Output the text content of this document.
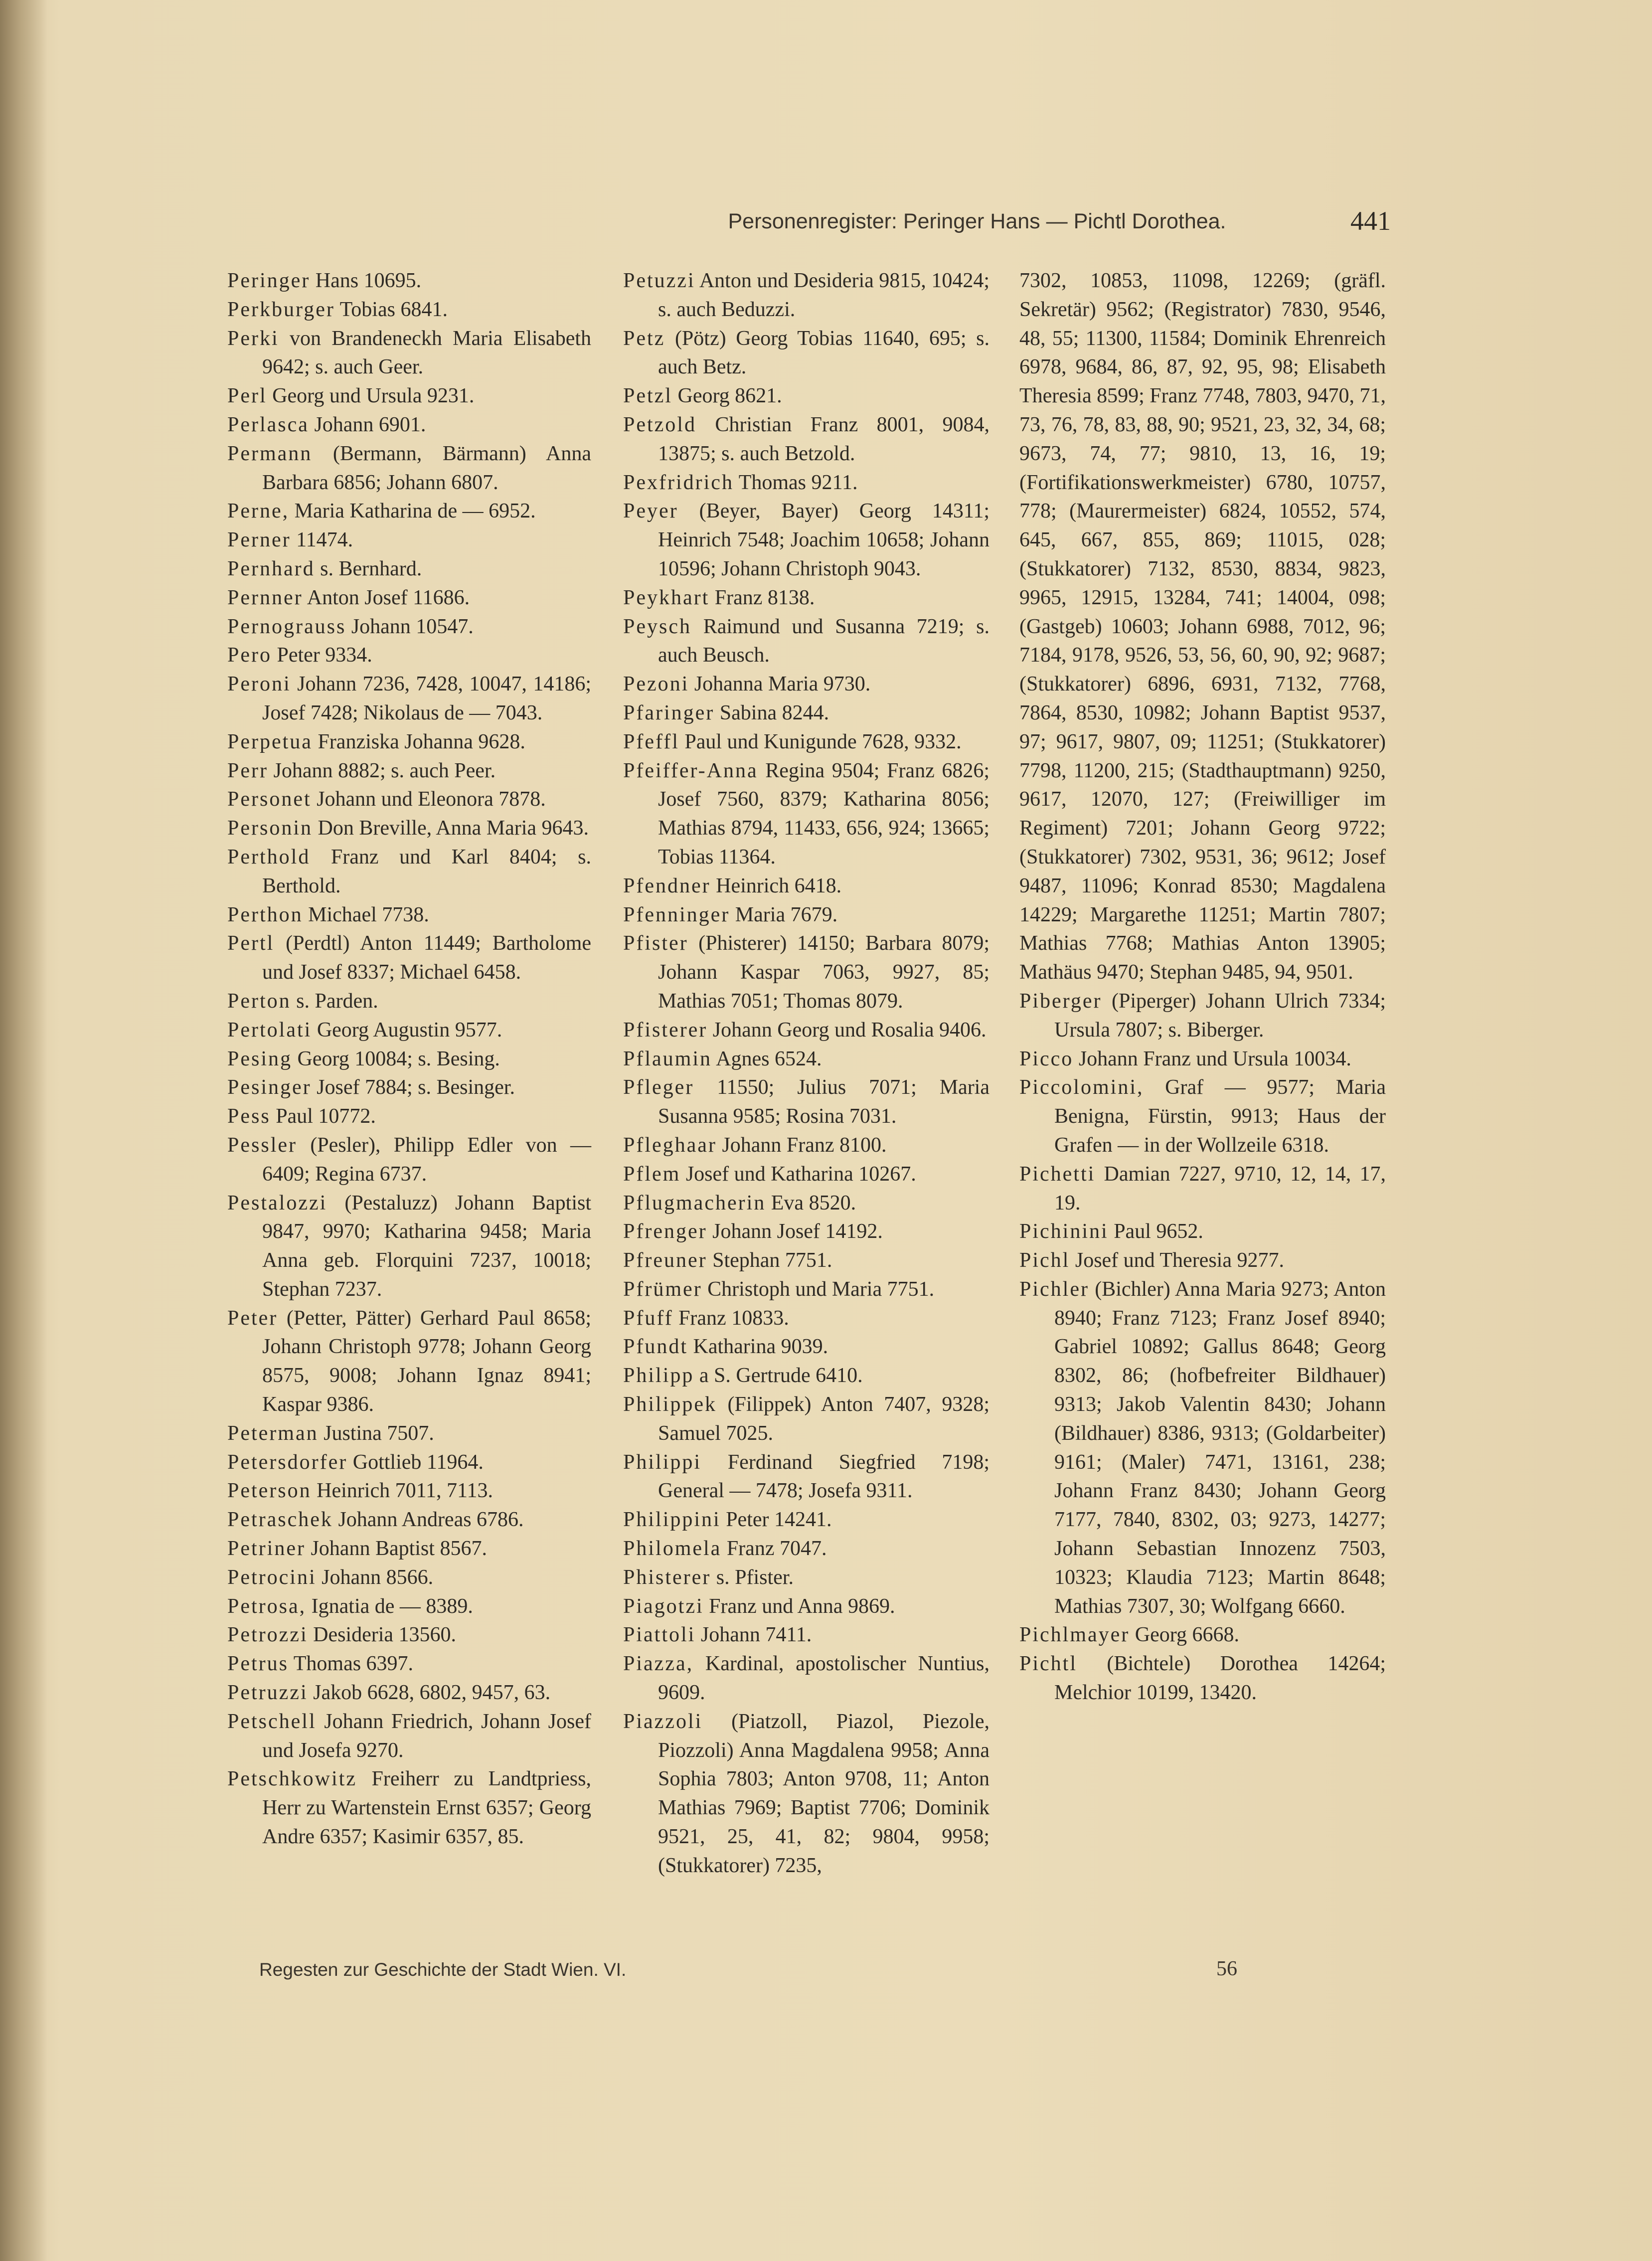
Personenregister: Peringer Hans — Pichtl Dorothea.	441
Peringer Hans 10695.
Perkburger Tobias 6841.
Perki von Brandeneckh Maria Elisabeth 9642; s. auch Geer.
Perl Georg und Ursula 9231.
Perlasca Johann 6901.
Permann (Bermann, Bärmann) Anna Barbara 6856; Johann 6807.
Perne, Maria Katharina de — 6952.
Perner 11474.
Pernhard s. Bernhard.
Pernner Anton Josef 11686.
Pernograuss Johann 10547.
Pero Peter 9334.
Peroni Johann 7236, 7428, 10047, 14186; Josef 7428; Nikolaus de — 7043.
Perpetua Franziska Johanna 9628.
Perr Johann 8882; s. auch Peer.
Personet Johann und Eleonora 7878.
Personin Don Breville, Anna Maria 9643.
Perthold Franz und Karl 8404; s. Berthold.
Perthon Michael 7738.
Pertl (Perdtl) Anton 11449; Bartholome und Josef 8337; Michael 6458.
Perton s. Parden.
Pertolati Georg Augustin 9577.
Pesing Georg 10084; s. Besing.
Pesinger Josef 7884; s. Besinger.
Pess Paul 10772.
Pessler (Pesler), Philipp Edler von — 6409; Regina 6737.
Pestalozzi (Pestaluzz) Johann Baptist 9847, 9970; Katharina 9458; Maria Anna geb. Florquini 7237, 10018; Stephan 7237.
Peter (Petter, Pätter) Gerhard Paul 8658; Johann Christoph 9778; Johann Georg 8575, 9008; Johann Ignaz 8941; Kaspar 9386.
Peterman Justina 7507.
Petersdorfer Gottlieb 11964.
Peterson Heinrich 7011, 7113.
Petraschek Johann Andreas 6786.
Petriner Johann Baptist 8567.
Petrocini Johann 8566.
Petrosa, Ignatia de — 8389.
Petrozzi Desideria 13560.
Petrus Thomas 6397.
Petruzzi Jakob 6628, 6802, 9457, 63.
Petschell Johann Friedrich, Johann Josef und Josefa 9270.
Petschkowitz Freiherr zu Landtpriess, Herr zu Wartenstein Ernst 6357; Georg Andre 6357; Kasimir 6357, 85.
Petuzzi Anton und Desideria 9815, 10424; s. auch Beduzzi.
Petz (Pötz) Georg Tobias 11640, 695; s. auch Betz.
Petzl Georg 8621.
Petzold Christian Franz 8001, 9084, 13875; s. auch Betzold.
Pexfridrich Thomas 9211.
Peyer (Beyer, Bayer) Georg 14311; Heinrich 7548; Joachim 10658; Johann 10596; Johann Christoph 9043.
Peykhart Franz 8138.
Peysch Raimund und Susanna 7219; s. auch Beusch.
Pezoni Johanna Maria 9730.
Pfaringer Sabina 8244.
Pfeffl Paul und Kunigunde 7628, 9332.
Pfeiffer-Anna Regina 9504; Franz 6826; Josef 7560, 8379; Katharina 8056; Mathias 8794, 11433, 656, 924; 13665; Tobias 11364.
Pfendner Heinrich 6418.
Pfenninger Maria 7679.
Pfister (Phisterer) 14150; Barbara 8079; Johann Kaspar 7063, 9927, 85; Mathias 7051; Thomas 8079.
Pfisterer Johann Georg und Rosalia 9406.
Pflaumin Agnes 6524.
Pfleger 11550; Julius 7071; Maria Susanna 9585; Rosina 7031.
Pfleghaar Johann Franz 8100.
Pflem Josef und Katharina 10267.
Pflugmacherin Eva 8520.
Pfrenger Johann Josef 14192.
Pfreuner Stephan 7751.
Pfrümer Christoph und Maria 7751.
Pfuff Franz 10833.
Pfundt Katharina 9039.
Philipp a S. Gertrude 6410.
Philippek (Filippek) Anton 7407, 9328; Samuel 7025.
Philippi Ferdinand Siegfried 7198; General — 7478; Josefa 9311.
Philippini Peter 14241.
Philomela Franz 7047.
Phisterer s. Pfister.
Piagotzi Franz und Anna 9869.
Piattoli Johann 7411.
Piazza, Kardinal, apostolischer Nuntius, 9609.
Piazzoli (Piatzoll, Piazol, Piezole, Piozzoli) Anna Magdalena 9958; Anna Sophia 7803; Anton 9708, 11; Anton Mathias 7969; Baptist 7706; Dominik 9521, 25, 41, 82; 9804, 9958; (Stukkatorer) 7235,
7302, 10853, 11098, 12269; (gräfl. Sekretär) 9562; (Registrator) 7830, 9546, 48, 55; 11300, 11584; Dominik Ehrenreich 6978, 9684, 86, 87, 92, 95, 98; Elisabeth Theresia 8599; Franz 7748, 7803, 9470, 71, 73, 76, 78, 83, 88, 90; 9521, 23, 32, 34, 68; 9673, 74, 77; 9810, 13, 16, 19; (Fortifikationswerkmeister) 6780, 10757, 778; (Maurermeister) 6824, 10552, 574, 645, 667, 855, 869; 11015, 028; (Stukkatorer) 7132, 8530, 8834, 9823, 9965, 12915, 13284, 741; 14004, 098; (Gastgeb) 10603; Johann 6988, 7012, 96; 7184, 9178, 9526, 53, 56, 60, 90, 92; 9687; (Stukkatorer) 6896, 6931, 7132, 7768, 7864, 8530, 10982; Johann Baptist 9537, 97; 9617, 9807, 09; 11251; (Stukkatorer) 7798, 11200, 215; (Stadthauptmann) 9250, 9617, 12070, 127; (Freiwilliger im Regiment) 7201; Johann Georg 9722; (Stukkatorer) 7302, 9531, 36; 9612; Josef 9487, 11096; Konrad 8530; Magdalena 14229; Margarethe 11251; Martin 7807; Mathias 7768; Mathias Anton 13905; Mathäus 9470; Stephan 9485, 94, 9501.
Piberger (Piperger) Johann Ulrich 7334; Ursula 7807; s. Biberger.
Picco Johann Franz und Ursula 10034.
Piccolomini, Graf — 9577; Maria Benigna, Fürstin, 9913; Haus der Grafen — in der Wollzeile 6318.
Pichetti Damian 7227, 9710, 12, 14, 17, 19.
Pichinini Paul 9652.
Pichl Josef und Theresia 9277.
Pichler (Bichler) Anna Maria 9273; Anton 8940; Franz 7123; Franz Josef 8940; Gabriel 10892; Gallus 8648; Georg 8302, 86; (hofbefreiter Bildhauer) 9313; Jakob Valentin 8430; Johann (Bildhauer) 8386, 9313; (Goldarbeiter) 9161; (Maler) 7471, 13161, 238; Johann Franz 8430; Johann Georg 7177, 7840, 8302, 03; 9273, 14277; Johann Sebastian Innozenz 7503, 10323; Klaudia 7123; Martin 8648; Mathias 7307, 30; Wolfgang 6660.
Pichlmayer Georg 6668.
Pichtl (Bichtele) Dorothea 14264; Melchior 10199, 13420.
Regesten zur Geschichte der Stadt Wien. VI.	56
